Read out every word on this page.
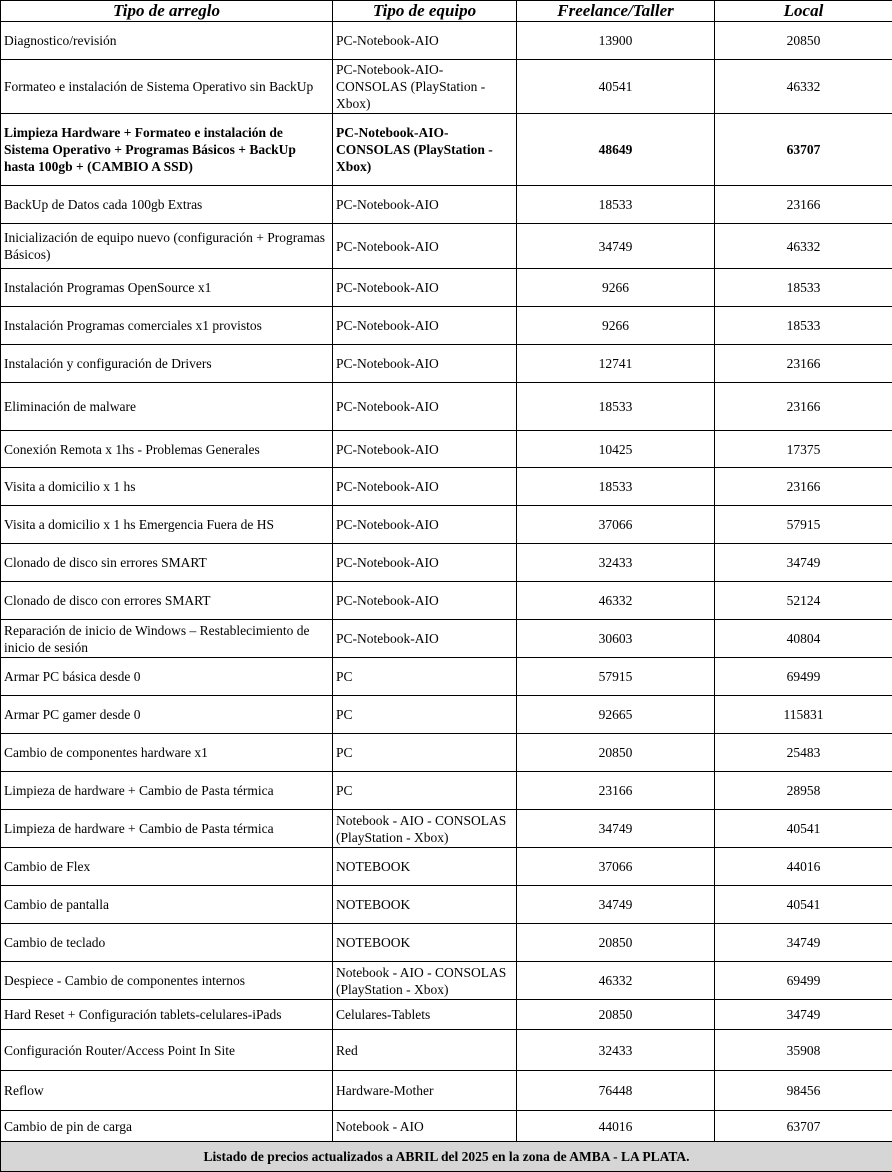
Tipo de arreglo	Tipo de equipo	Freelance/Taller	Local
Diagnostico/revisión	PC-Notebook-AIO	13900	20850
Formateo e instalación de Sistema Operativo sin BackUp	PC-Notebook-AIO-CONSOLAS (PlayStation - Xbox)	40541	46332
Limpieza Hardware + Formateo e instalación de Sistema Operativo + Programas Básicos + BackUp hasta 100gb + (CAMBIO A SSD)	PC-Notebook-AIO-CONSOLAS (PlayStation - Xbox)	48649	63707
BackUp de Datos cada 100gb Extras	PC-Notebook-AIO	18533	23166
Inicialización de equipo nuevo (configuración + Programas Básicos)	PC-Notebook-AIO	34749	46332
Instalación Programas OpenSource x1	PC-Notebook-AIO	9266	18533
Instalación Programas comerciales x1 provistos	PC-Notebook-AIO	9266	18533
Instalación y configuración de Drivers	PC-Notebook-AIO	12741	23166
Eliminación de malware	PC-Notebook-AIO	18533	23166
Conexión Remota x 1hs - Problemas Generales	PC-Notebook-AIO	10425	17375
Visita a domicilio x 1 hs	PC-Notebook-AIO	18533	23166
Visita a domicilio x 1 hs Emergencia Fuera de HS	PC-Notebook-AIO	37066	57915
Clonado de disco sin errores SMART	PC-Notebook-AIO	32433	34749
Clonado de disco con errores SMART	PC-Notebook-AIO	46332	52124
Reparación de inicio de Windows – Restablecimiento de inicio de sesión	PC-Notebook-AIO	30603	40804
Armar PC básica desde 0	PC	57915	69499
Armar PC gamer desde 0	PC	92665	115831
Cambio de componentes hardware x1	PC	20850	25483
Limpieza de hardware + Cambio de Pasta térmica	PC	23166	28958
Limpieza de hardware + Cambio de Pasta térmica	Notebook - AIO - CONSOLAS (PlayStation - Xbox)	34749	40541
Cambio de Flex	NOTEBOOK	37066	44016
Cambio de pantalla	NOTEBOOK	34749	40541
Cambio de teclado	NOTEBOOK	20850	34749
Despiece - Cambio de componentes internos	Notebook - AIO - CONSOLAS (PlayStation - Xbox)	46332	69499
Hard Reset + Configuración tablets-celulares-iPads	Celulares-Tablets	20850	34749
Configuración Router/Access Point In Site	Red	32433	35908
Reflow	Hardware-Mother	76448	98456
Cambio de pin de carga	Notebook - AIO	44016	63707
Listado de precios actualizados a ABRIL del 2025 en la zona de AMBA - LA PLATA.			
